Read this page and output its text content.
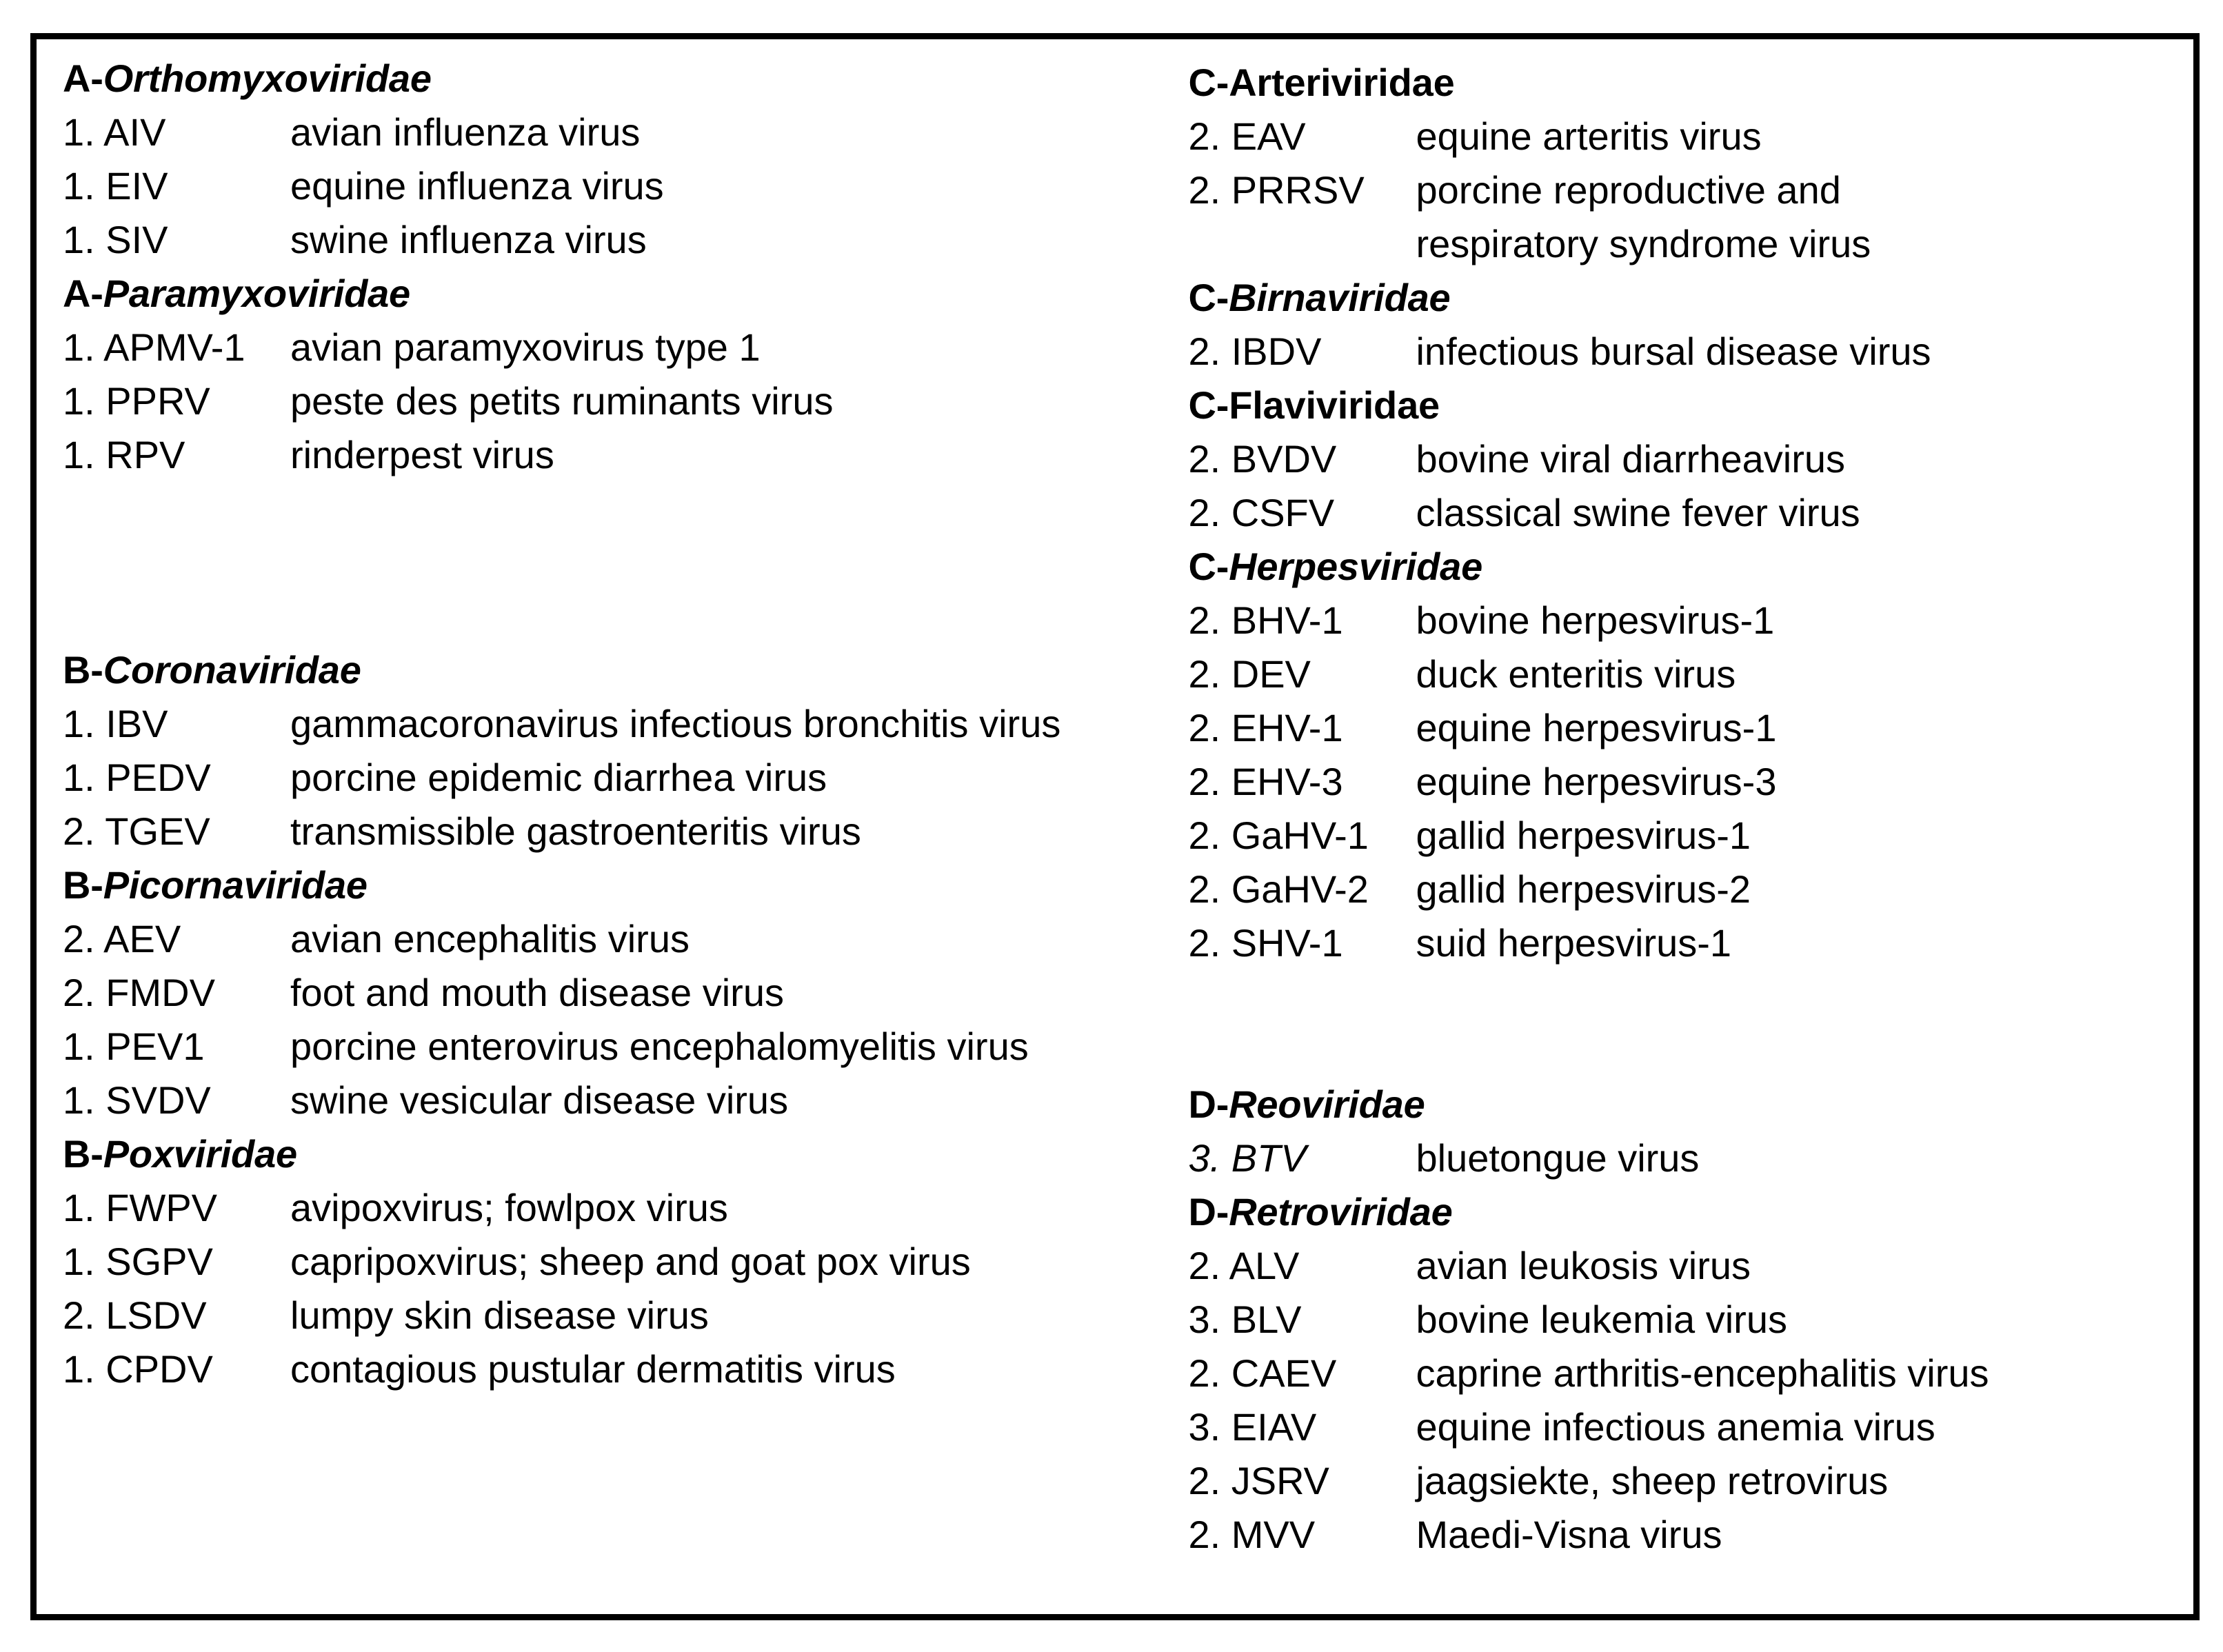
A-Orthomyxoviridae
1. AIV	avian influenza virus
1. EIV	equine influenza virus
1. SIV	swine influenza virus
A-Paramyxoviridae
1. APMV-1	avian paramyxovirus type 1
1. PPRV	peste des petits ruminants virus
1. RPV	rinderpest virus
B-Coronaviridae
1. IBV	gammacoronavirus infectious bronchitis virus
1. PEDV	porcine epidemic diarrhea virus
2. TGEV	transmissible gastroenteritis virus
B-Picornaviridae
2. AEV	avian encephalitis virus
2. FMDV	foot and mouth disease virus
1. PEV1	porcine enterovirus encephalomyelitis virus
1. SVDV	swine vesicular disease virus
B-Poxviridae
1. FWPV	avipoxvirus; fowlpox virus
1. SGPV	capripoxvirus; sheep and goat pox virus
2. LSDV	lumpy skin disease virus
1. CPDV	contagious pustular dermatitis virus
C-Arteriviridae
2. EAV	equine arteritis virus
2. PRRSV	porcine reproductive and
respiratory syndrome virus
C-Birnaviridae
2. IBDV	infectious bursal disease virus
C-Flaviviridae
2. BVDV	bovine viral diarrheavirus
2. CSFV	classical swine fever virus
C-Herpesviridae
2. BHV-1	bovine herpesvirus-1
2. DEV	duck enteritis virus
2. EHV-1	equine herpesvirus-1
2. EHV-3	equine herpesvirus-3
2. GaHV-1	gallid herpesvirus-1
2. GaHV-2	gallid herpesvirus-2
2. SHV-1	suid herpesvirus-1
D-Reoviridae
3. BTV	bluetongue virus
D-Retroviridae
2. ALV	avian leukosis virus
3. BLV	bovine leukemia virus
2. CAEV	caprine arthritis-encephalitis virus
3. EIAV	equine infectious anemia virus
2. JSRV	jaagsiekte, sheep retrovirus
2. MVV	Maedi-Visna virus
